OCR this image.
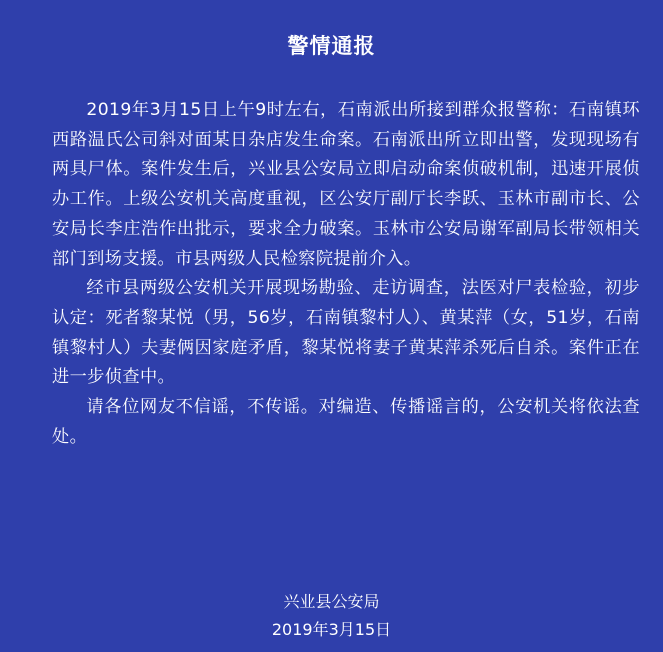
警情通报

2019年3月15日上午9时左右，石南派出所接到群众报警称：石南镇环西路温氏公司斜对面某日杂店发生命案。石南派出所立即出警，发现现场有两具尸体。案件发生后，兴业县公安局立即启动命案侦破机制，迅速开展侦办工作。上级公安机关高度重视，区公安厅副厅长李跃、玉林市副市长、公安局长李庄浩作出批示，要求全力破案。玉林市公安局谢军副局长带领相关部门到场支援。市县两级人民检察院提前介入。

经市县两级公安机关开展现场勘验、走访调查，法医对尸表检验，初步认定：死者黎某悦（男，56岁，石南镇黎村人）、黄某萍（女，51岁，石南镇黎村人）夫妻俩因家庭矛盾，黎某悦将妻子黄某萍杀死后自杀。案件正在进一步侦查中。

请各位网友不信谣，不传谣。对编造、传播谣言的，公安机关将依法查处。

兴业县公安局
2019年3月15日
